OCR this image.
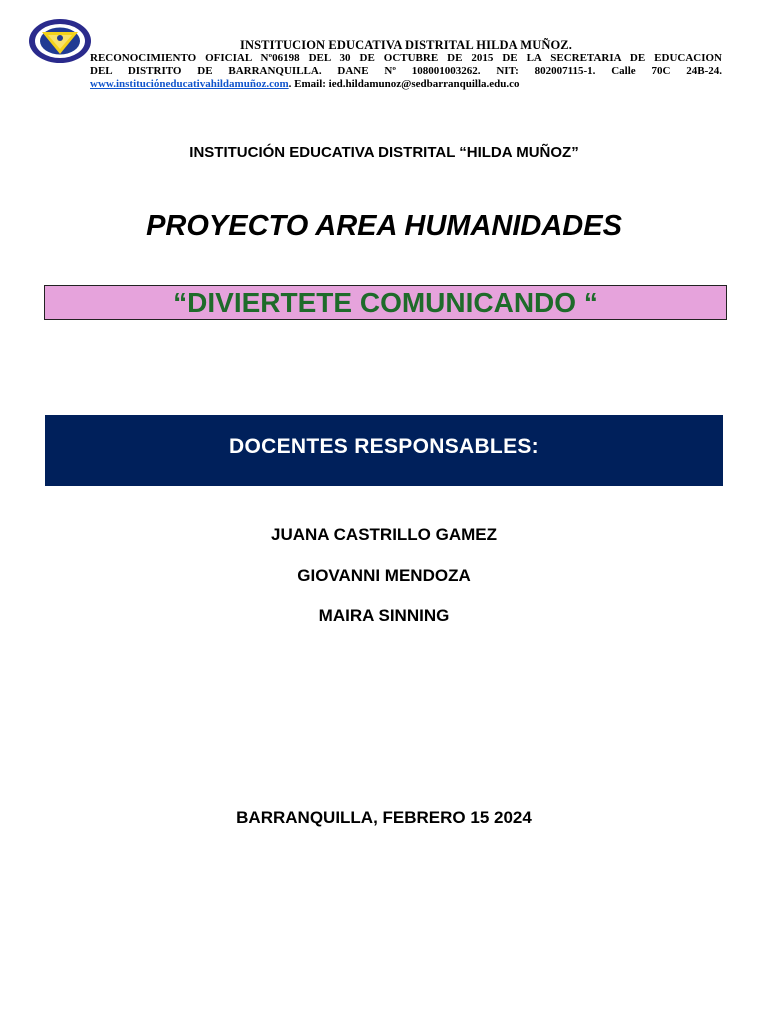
INSTITUCION EDUCATIVA DISTRITAL HILDA MUÑOZ.
RECONOCIMIENTO OFICIAL Nº06198 DEL 30 DE OCTUBRE DE 2015 DE LA SECRETARIA DE EDUCACION
DEL DISTRITO DE BARRANQUILLA. DANE Nº 108001003262. NIT: 802007115-1. Calle 70C 24B-24.
www.instituciόneducativahildamuñoz.com. Email: ied.hildamunoz@sedbarranquilla.edu.co
INSTITUCIÓN EDUCATIVA DISTRITAL “HILDA MUÑOZ”
PROYECTO AREA HUMANIDADES
“DIVIERTETE COMUNICANDO “
DOCENTES RESPONSABLES:
JUANA CASTRILLO GAMEZ
GIOVANNI MENDOZA
MAIRA SINNING
BARRANQUILLA, FEBRERO 15 2024
